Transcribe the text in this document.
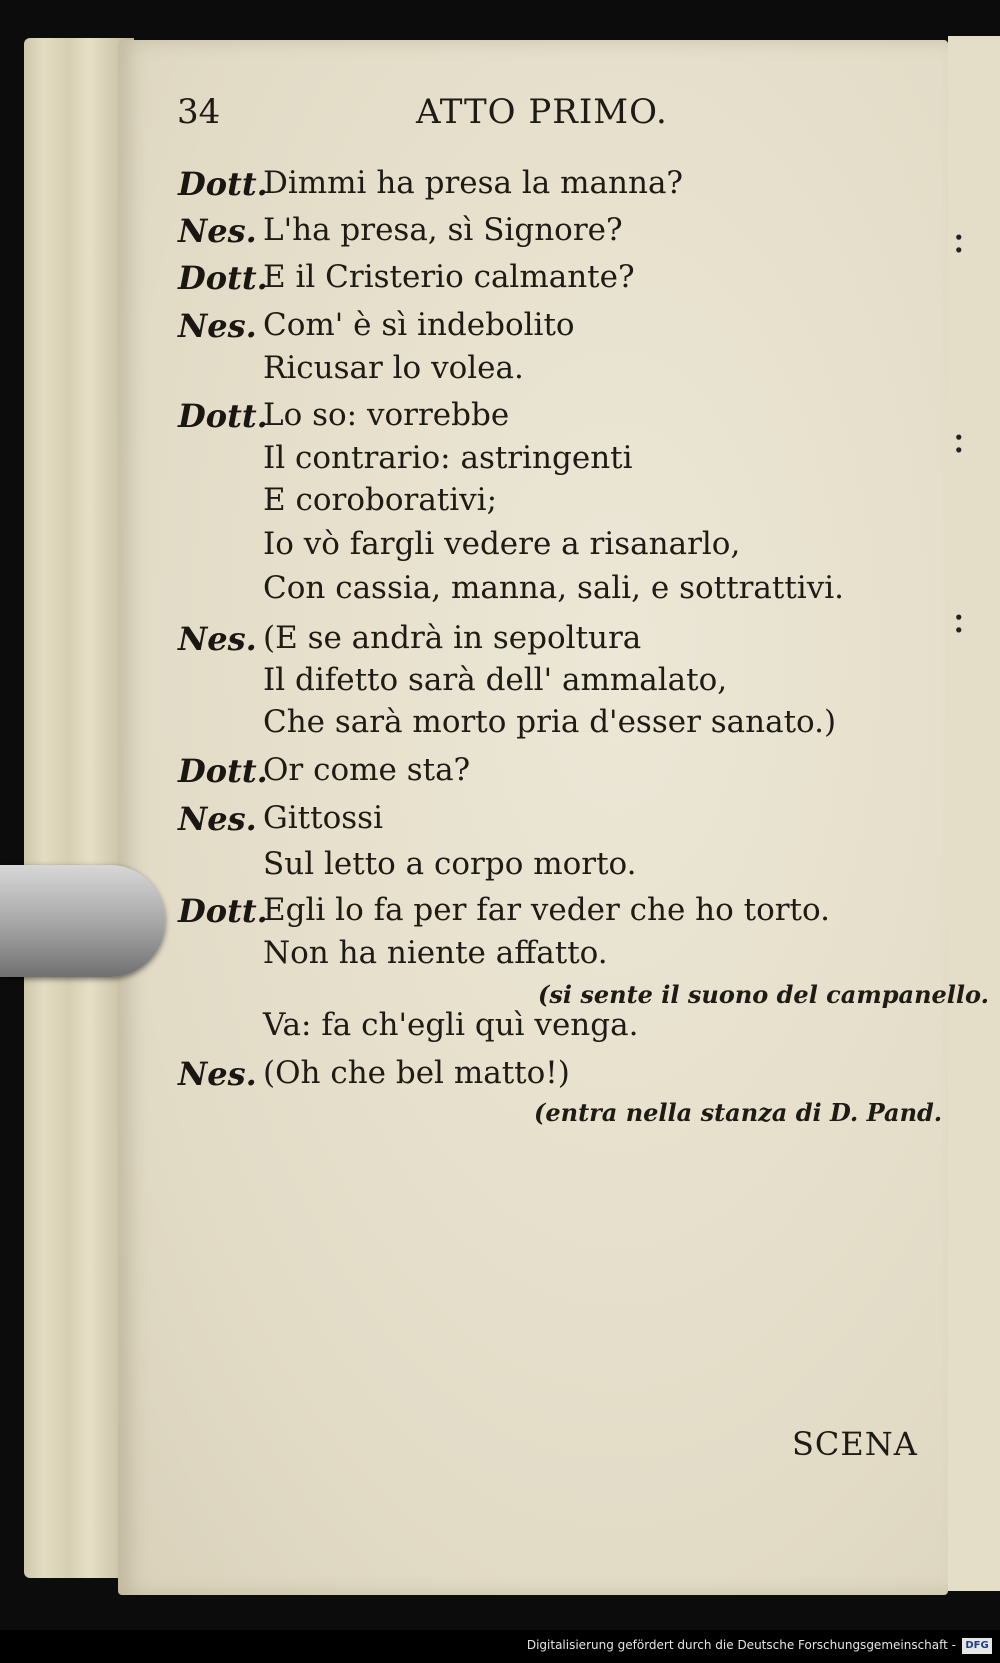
:
:
:
34	ATTO PRIMO.
Dott.
Dimmi ha presa la manna?
Nes. L'ha presa, sì Signore?
Dott.
E il Cristerio calmante?
Nes. Com' è sì indebolito
Ricusar lo volea.
Dott.
Lo so: vorrebbe
Il contrario: astringenti
E coroborativi;
Io vò fargli vedere a risanarlo,
Con cassia, manna, sali, e sottrattivi.
Nes. (E se andrà in sepoltura
Il difetto sarà dell' ammalato,
Che sarà morto pria d'esser sanato.)
Dott.
Or come sta?
Nes. Gittossi
Sul letto a corpo morto.
Dott.
Egli lo fa per far veder che ho torto.
Non ha niente affatto.
(si sente il suono del campanello.
Va: fa ch'egli quì venga.
Nes. (Oh che bel matto!)
(entra nella stanza di D. Pand.
SCENA
Digitalisierung gefördert durch die Deutsche Forschungsgemeinschaft - DFG
